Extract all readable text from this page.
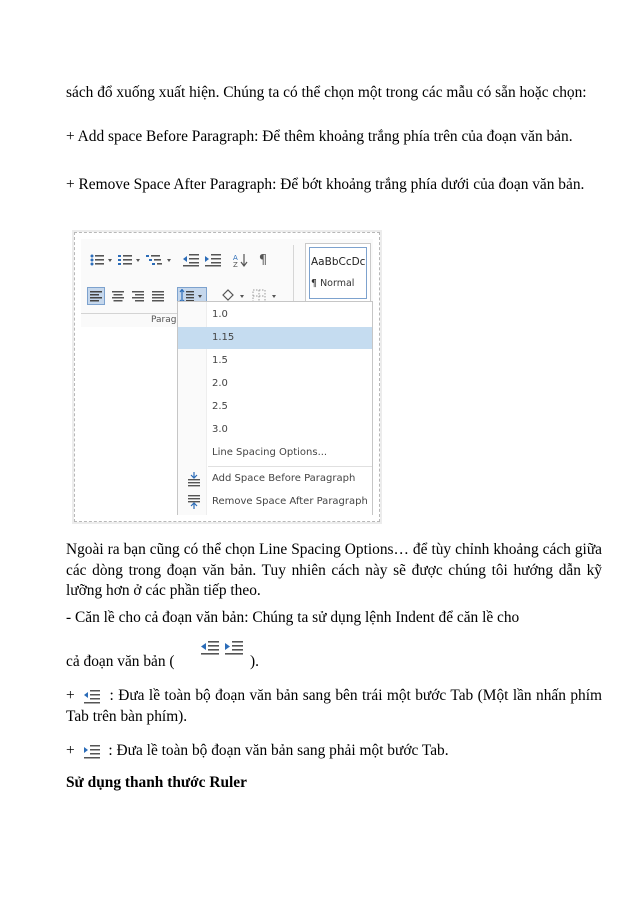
sách đổ xuống xuất hiện. Chúng ta có thể chọn một trong các mẫu có sẵn hoặc chọn:
+ Add space Before Paragraph: Để thêm khoảng trắng phía trên của đoạn văn bản.
+ Remove Space After Paragraph: Để bớt khoảng trắng phía dưới của đoạn văn bản.
A
Z ¶	AaBbCcDc
¶ Normal
Parag	1.0
1.15
1.5
2.0
2.5
3.0
Line Spacing Options...
Add Space Before Paragraph
Remove Space After Paragraph
Ngoài ra bạn cũng có thể chọn Line Spacing Options… để tùy chỉnh khoảng cách giữa các dòng trong đoạn văn bản. Tuy nhiên cách này sẽ được chúng tôi hướng dẫn kỹ lưỡng hơn ở các phần tiếp theo.
- Căn lề cho cả đoạn văn bản: Chúng ta sử dụng lệnh Indent để căn lề cho
cả đoạn văn bản (	).
+ : Đưa lề toàn bộ đoạn văn bản sang bên trái một bước Tab (Một lần nhấn phím Tab trên bàn phím).
+ : Đưa lề toàn bộ đoạn văn bản sang phải một bước Tab.
Sử dụng thanh thước Ruler
